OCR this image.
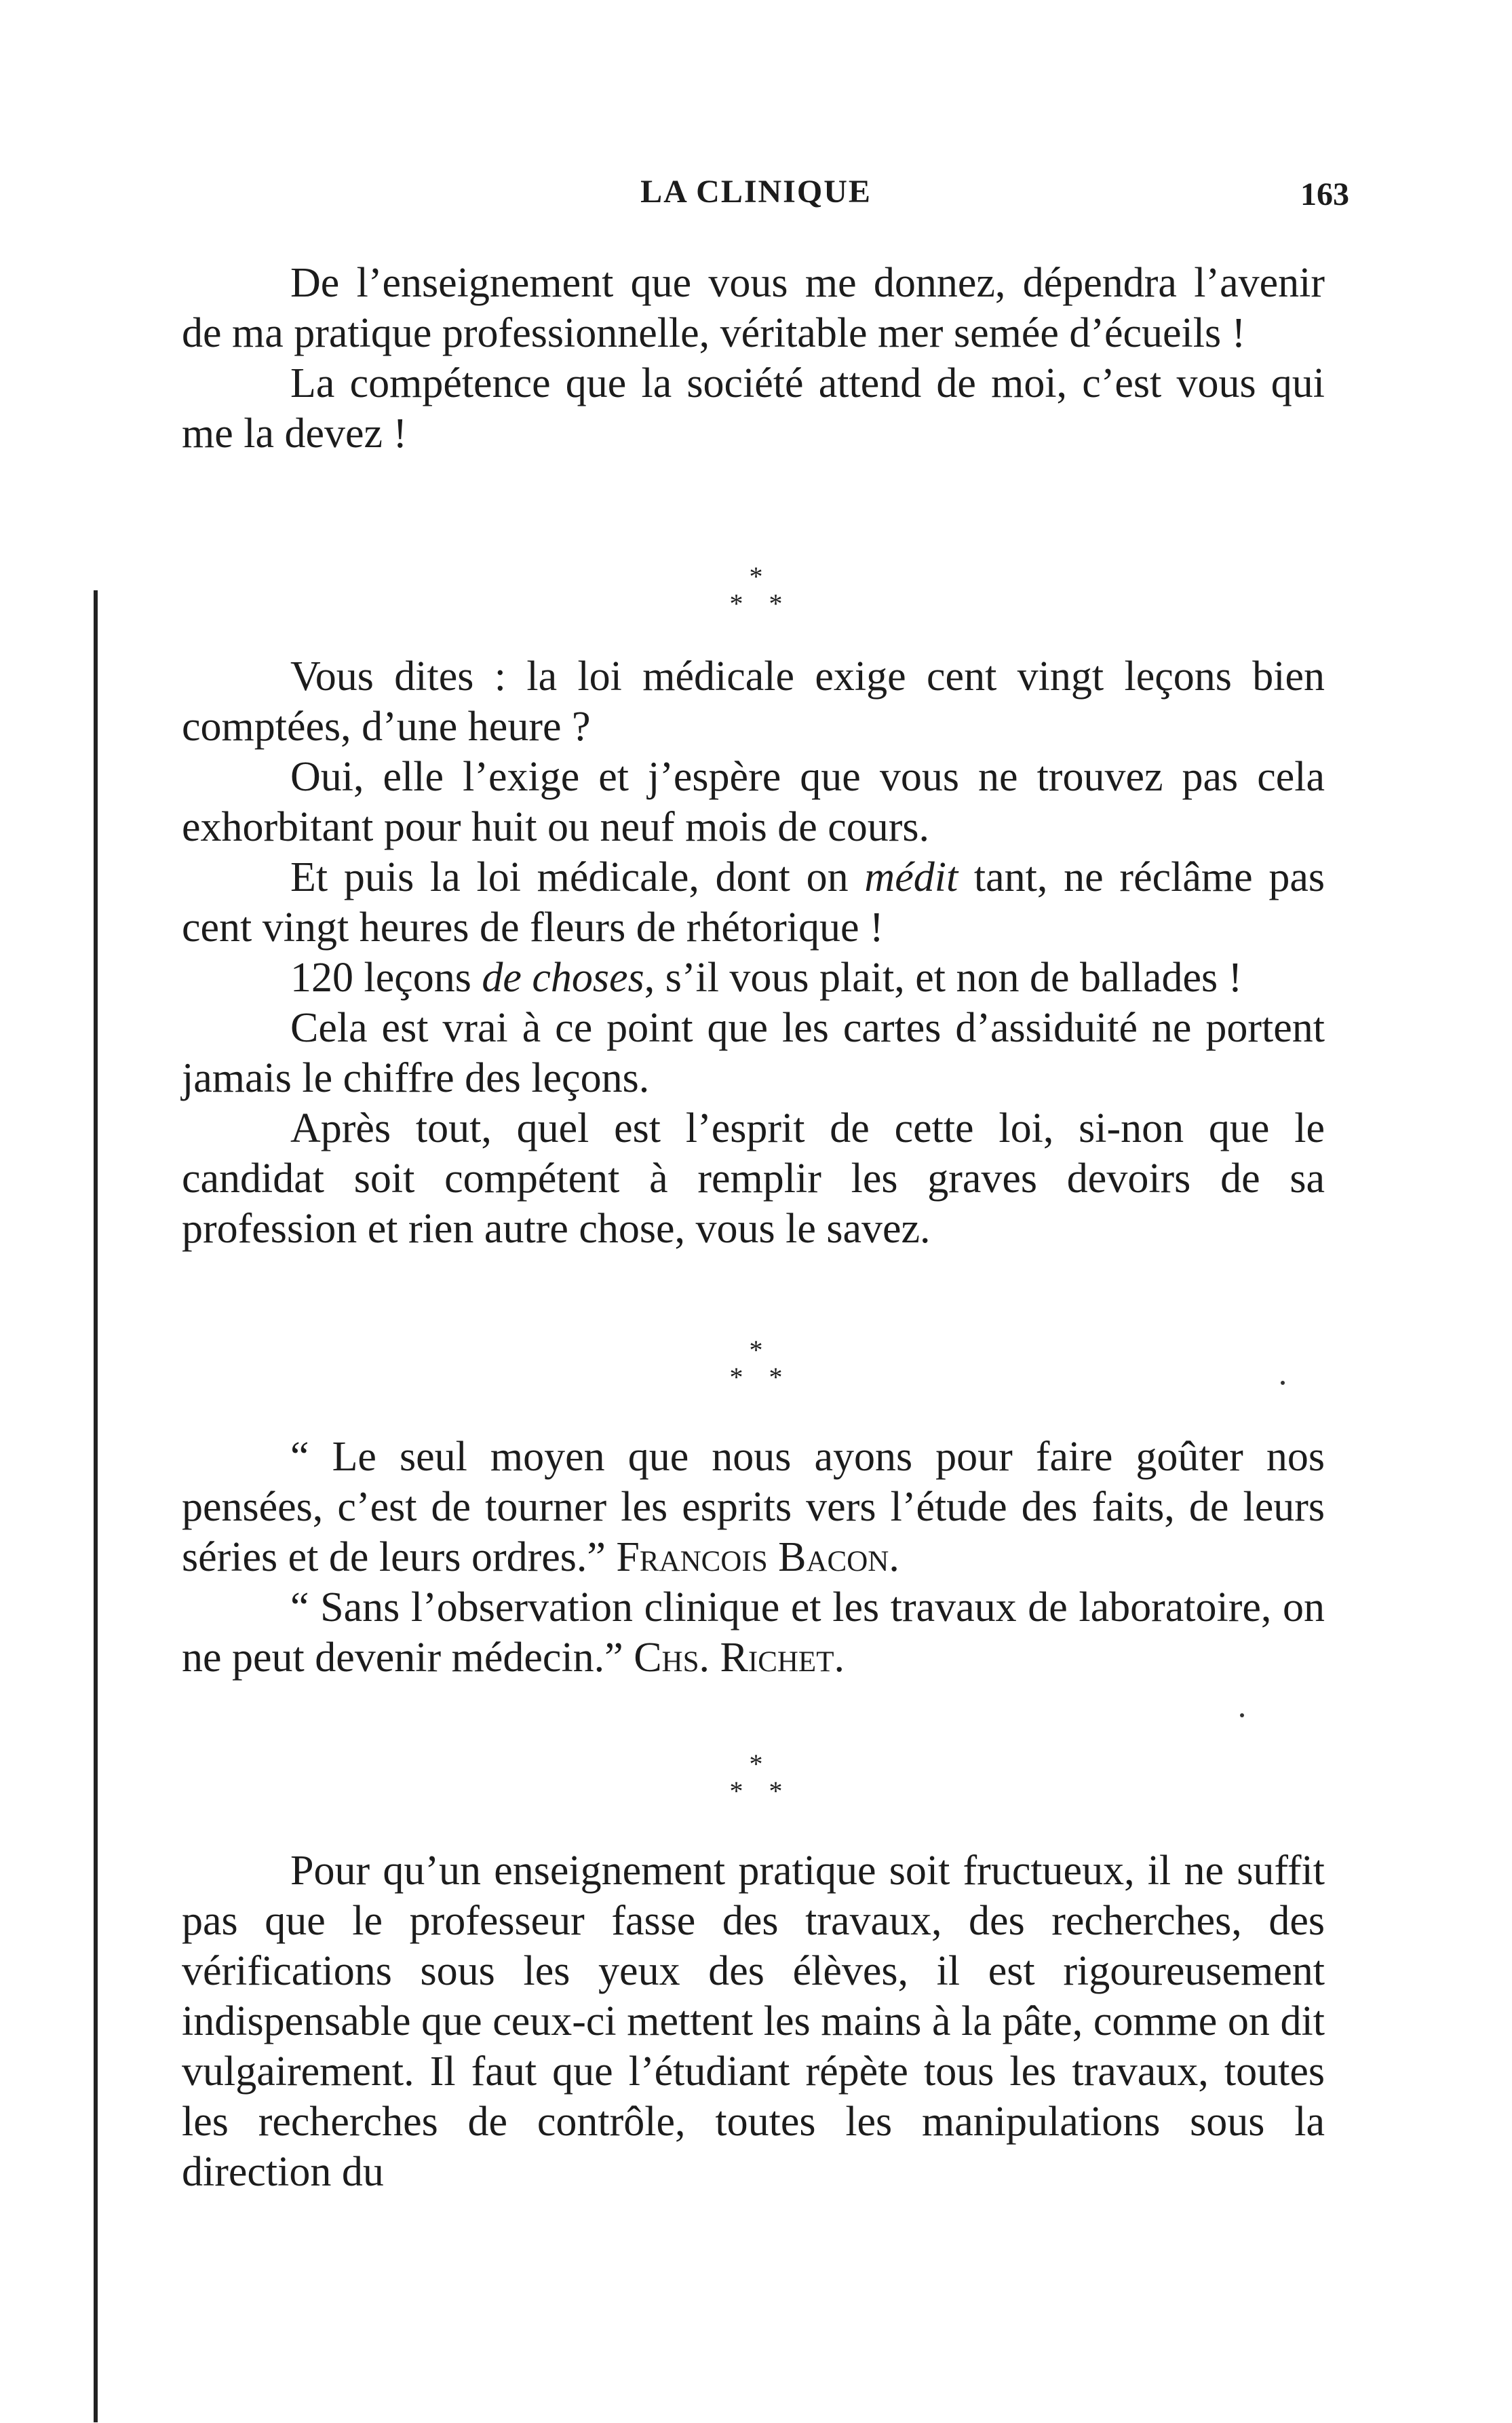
LA CLINIQUE	163

De l’enseignement que vous me donnez, dépendra l’avenir de ma pratique professionnelle, véritable mer semée d’écueils !

La compétence que la société attend de moi, c’est vous qui me la devez !

*
**

Vous dites : la loi médicale exige cent vingt leçons bien comptées, d’une heure ?

Oui, elle l’exige et j’espère que vous ne trouvez pas cela exhorbitant pour huit ou neuf mois de cours.

Et puis la loi médicale, dont on médit tant, ne réclâme pas cent vingt heures de fleurs de rhétorique !

120 leçons de choses, s’il vous plait, et non de ballades !

Cela est vrai à ce point que les cartes d’assiduité ne portent jamais le chiffre des leçons.

Après tout, quel est l’esprit de cette loi, si-non que le candidat soit compétent à remplir les graves devoirs de sa profession et rien autre chose, vous le savez.

*
**

“ Le seul moyen que nous ayons pour faire goûter nos pensées, c’est de tourner les esprits vers l’étude des faits, de leurs séries et de leurs ordres.” Francois Bacon.

“ Sans l’observation clinique et les travaux de laboratoire, on ne peut devenir médecin.” Chs. Richet.

*
**

Pour qu’un enseignement pratique soit fructueux, il ne suffit pas que le professeur fasse des travaux, des recherches, des vérifications sous les yeux des élèves, il est rigoureusement indispensable que ceux-ci mettent les mains à la pâte, comme on dit vulgairement. Il faut que l’étudiant répète tous les travaux, toutes les recherches de contrôle, toutes les manipulations sous la direction du
